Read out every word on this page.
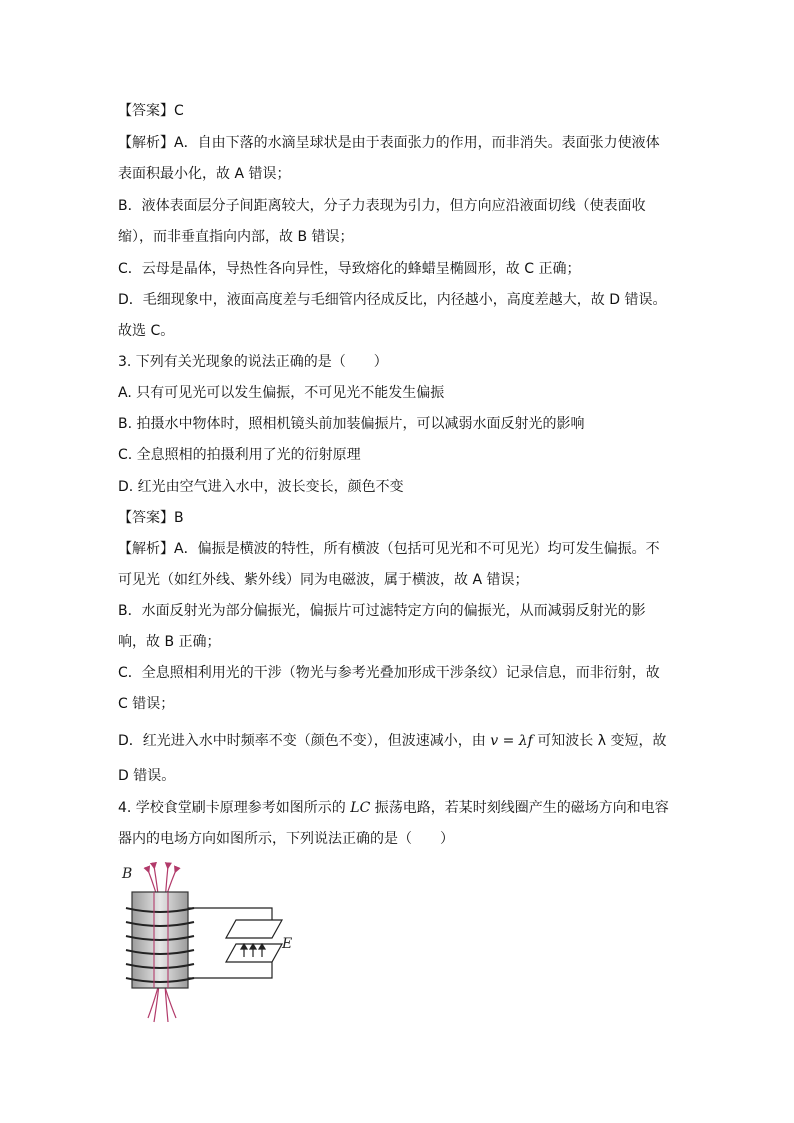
【答案】C
【解析】A．自由下落的水滴呈球状是由于表面张力的作用，而非消失。表面张力使液体
表面积最小化，故 A 错误；
B．液体表面层分子间距离较大，分子力表现为引力，但方向应沿液面切线（使表面收
缩），而非垂直指向内部，故 B 错误；
C．云母是晶体，导热性各向异性，导致熔化的蜂蜡呈椭圆形，故 C 正确；
D．毛细现象中，液面高度差与毛细管内径成反比，内径越小，高度差越大，故 D 错误。
故选 C。
3. 下列有关光现象的说法正确的是（　　）
A. 只有可见光可以发生偏振，不可见光不能发生偏振
B. 拍摄水中物体时，照相机镜头前加装偏振片，可以减弱水面反射光的影响
C. 全息照相的拍摄利用了光的衍射原理
D. 红光由空气进入水中，波长变长，颜色不变
【答案】B
【解析】A．偏振是横波的特性，所有横波（包括可见光和不可见光）均可发生偏振。不
可见光（如红外线、紫外线）同为电磁波，属于横波，故 A 错误；
B．水面反射光为部分偏振光，偏振片可过滤特定方向的偏振光，从而减弱反射光的影
响，故 B 正确；
C．全息照相利用光的干涉（物光与参考光叠加形成干涉条纹）记录信息，而非衍射，故
C 错误；
D．红光进入水中时频率不变（颜色不变），但波速减小，由 v = λf 可知波长 λ 变短，故
D 错误。
4. 学校食堂刷卡原理参考如图所示的 LC 振荡电路，若某时刻线圈产生的磁场方向和电容
器内的电场方向如图所示，下列说法正确的是（　　）
B
E
